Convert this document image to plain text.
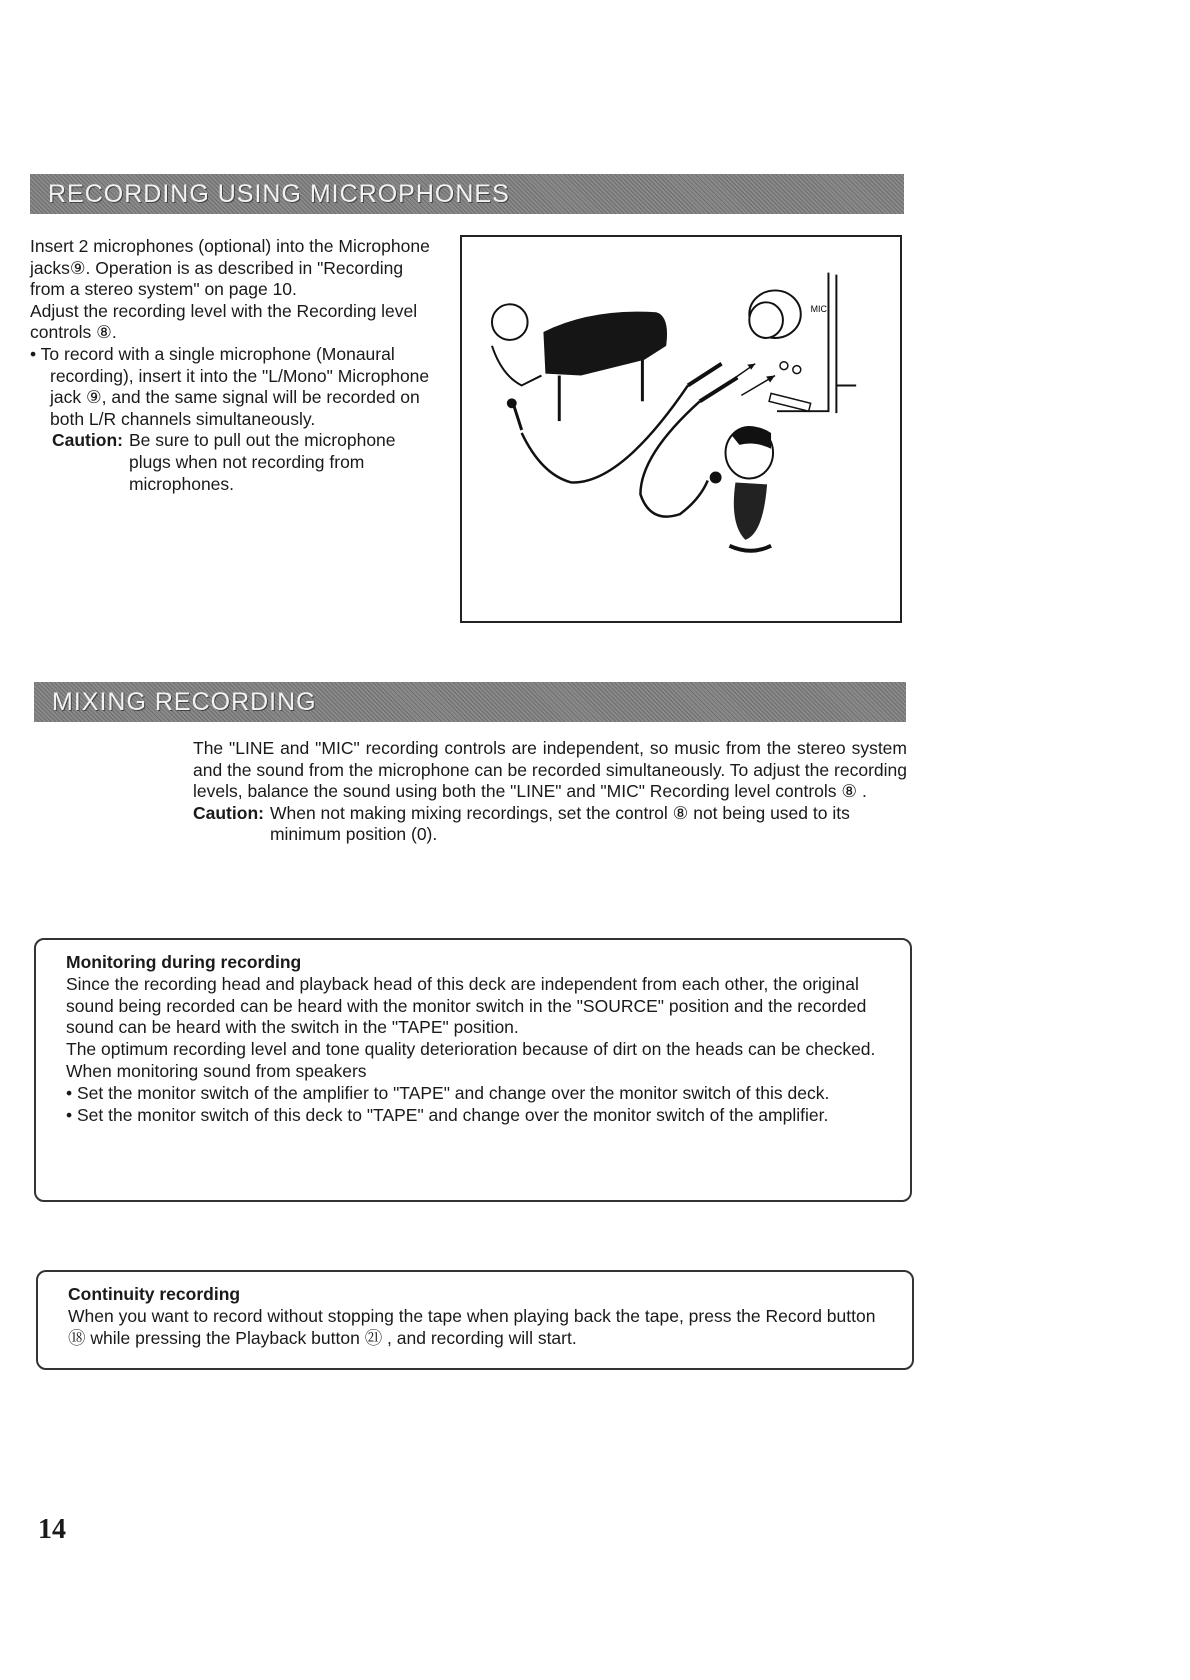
RECORDING USING MICROPHONES

Insert 2 microphones (optional) into the Microphone jacks⑨. Operation is as described in "Recording from a stereo system" on page 10.

Adjust the recording level with the Recording level controls ⑧.

• To record with a single microphone (Monaural recording), insert it into the "L/Mono" Microphone jack ⑨, and the same signal will be recorded on both L/R channels simultaneously.

Caution: Be sure to pull out the microphone plugs when not recording from microphones.
MIC
MIXING RECORDING

The "LINE and "MIC" recording controls are independent, so music from the stereo system and the sound from the microphone can be recorded simultaneously. To adjust the recording levels, balance the sound using both the "LINE" and "MIC" Recording level controls ⑧ .

Caution: When not making mixing recordings, set the control ⑧ not being used to its minimum position (0).
Monitoring during recording

Since the recording head and playback head of this deck are independent from each other, the original sound being recorded can be heard with the monitor switch in the "SOURCE" position and the recorded sound can be heard with the switch in the "TAPE" position.

The optimum recording level and tone quality deterioration because of dirt on the heads can be checked.

When monitoring sound from speakers

• Set the monitor switch of the amplifier to "TAPE" and change over the monitor switch of this deck.

• Set the monitor switch of this deck to "TAPE" and change over the monitor switch of the amplifier.

Continuity recording

When you want to record without stopping the tape when playing back the tape, press the Record button ⑱ while pressing the Playback button ㉑ , and recording will start.

14
